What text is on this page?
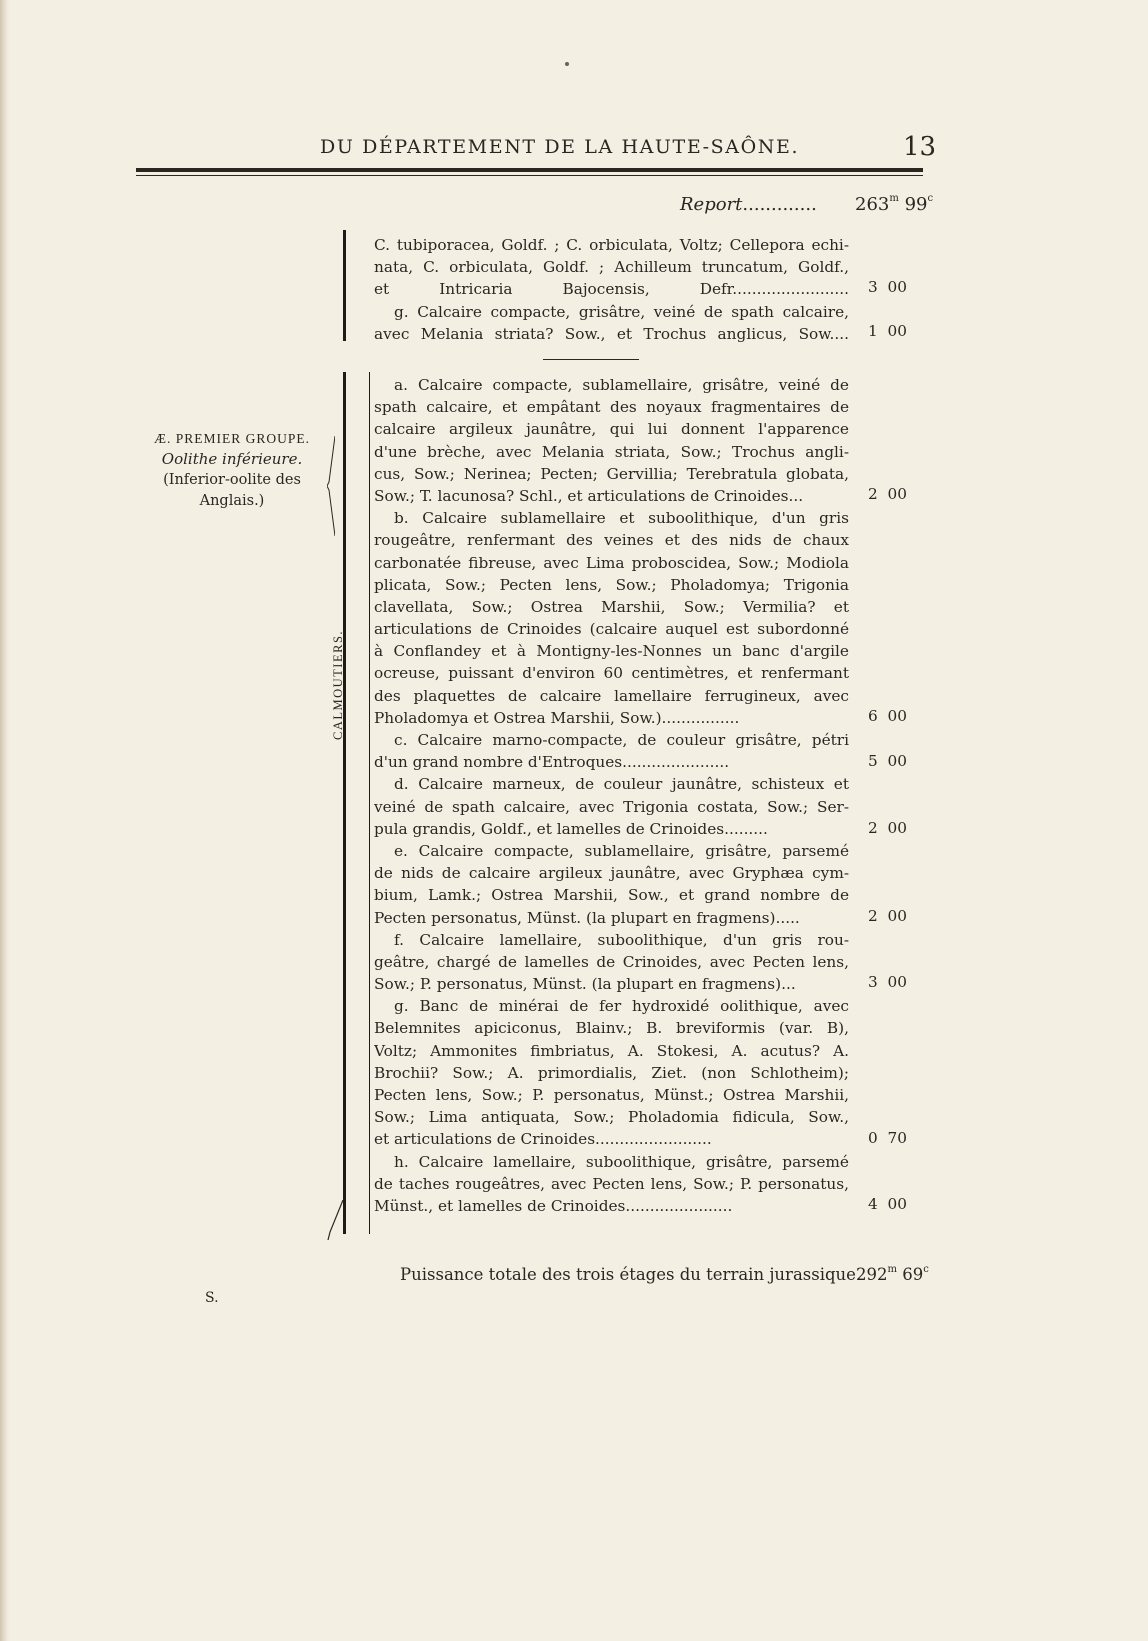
DU DÉPARTEMENT DE LA HAUTE-SAÔNE.	13
Report............. 263$^m$ 99$^c$
Æ. PREMIER GROUPE.
Oolithe inférieure.
(Inferior-oolite des
Anglais.)
CALMOUTIERS.
C. tubiporacea, Goldf. ; C. orbiculata, Voltz; Cellepora echi-
nata, C. orbiculata, Goldf. ; Achilleum truncatum, Goldf.,
et Intricaria Bajocensis, Defr........................
g. Calcaire compacte, grisâtre, veiné de spath calcaire,
avec Melania striata? Sow., et Trochus anglicus, Sow....
3 00
1 00
a. Calcaire compacte, sublamellaire, grisâtre, veiné de
spath calcaire, et empâtant des noyaux fragmentaires de
calcaire argileux jaunâtre, qui lui donnent l'apparence
d'une brèche, avec Melania striata, Sow.; Trochus angli-
cus, Sow.; Nerinea; Pecten; Gervillia; Terebratula globata,
Sow.; T. lacunosa? Schl., et articulations de Crinoides...
b. Calcaire sublamellaire et suboolithique, d'un gris
rougeâtre, renfermant des veines et des nids de chaux
carbonatée fibreuse, avec Lima proboscidea, Sow.; Modiola
plicata, Sow.; Pecten lens, Sow.; Pholadomya; Trigonia
clavellata, Sow.; Ostrea Marshii, Sow.; Vermilia? et
articulations de Crinoides (calcaire auquel est subordonné
à Conflandey et à Montigny-les-Nonnes un banc d'argile
ocreuse, puissant d'environ 60 centimètres, et renfermant
des plaquettes de calcaire lamellaire ferrugineux, avec
Pholadomya et Ostrea Marshii, Sow.)................
c. Calcaire marno-compacte, de couleur grisâtre, pétri
d'un grand nombre d'Entroques......................
d. Calcaire marneux, de couleur jaunâtre, schisteux et
veiné de spath calcaire, avec Trigonia costata, Sow.; Ser-
pula grandis, Goldf., et lamelles de Crinoides.........
e. Calcaire compacte, sublamellaire, grisâtre, parsemé
de nids de calcaire argileux jaunâtre, avec Gryphæa cym-
bium, Lamk.; Ostrea Marshii, Sow., et grand nombre de
Pecten personatus, Münst. (la plupart en fragmens).....
f. Calcaire lamellaire, suboolithique, d'un gris rou-
geâtre, chargé de lamelles de Crinoides, avec Pecten lens,
Sow.; P. personatus, Münst. (la plupart en fragmens)...
g. Banc de minérai de fer hydroxidé oolithique, avec
Belemnites apiciconus, Blainv.; B. breviformis (var. B),
Voltz; Ammonites fimbriatus, A. Stokesi, A. acutus? A.
Brochii? Sow.; A. primordialis, Ziet. (non Schlotheim);
Pecten lens, Sow.; P. personatus, Münst.; Ostrea Marshii,
Sow.; Lima antiquata, Sow.; Pholadomia fidicula, Sow.,
et articulations de Crinoides........................
h. Calcaire lamellaire, suboolithique, grisâtre, parsemé
de taches rougeâtres, avec Pecten lens, Sow.; P. personatus,
Münst., et lamelles de Crinoides......................
2 00
6 00
5 00
2 00
2 00
3 00
0 70
4 00
Puissance totale des trois étages du terrain jurassique.
292$^m$ 69$^c$
S.
